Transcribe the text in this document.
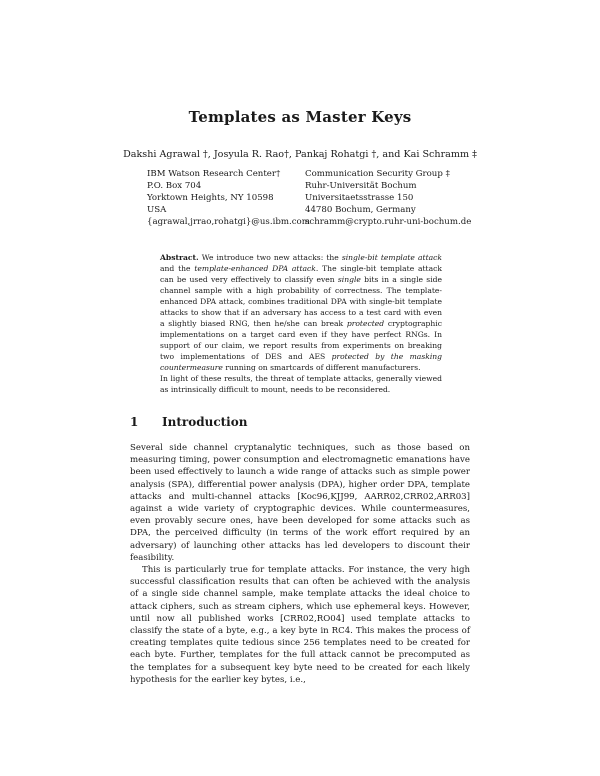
Templates as Master Keys
Dakshi Agrawal †, Josyula R. Rao†, Pankaj Rohatgi †, and Kai Schramm ‡
IBM Watson Research Center†
P.O. Box 704
Yorktown Heights, NY 10598
USA
{agrawal,jrrao,rohatgi}@us.ibm.com
Communication Security Group ‡
Ruhr-Universität Bochum
Universitaetsstrasse 150
44780 Bochum, Germany
schramm@crypto.ruhr-uni-bochum.de

Abstract. We introduce two new attacks: the single-bit template attack and the template-enhanced DPA attack. The single-bit template attack can be used very effectively to classify even single bits in a single side channel sample with a high probability of correctness. The template-enhanced DPA attack, combines traditional DPA with single-bit template attacks to show that if an adversary has access to a test card with even a slightly biased RNG, then he/she can break protected cryptographic implementations on a target card even if they have perfect RNGs. In support of our claim, we report results from experiments on breaking two implementations of DES and AES protected by the masking countermeasure running on smartcards of different manufacturers.

In light of these results, the threat of template attacks, generally viewed as intrinsically difficult to mount, needs to be reconsidered.

1 Introduction

Several side channel cryptanalytic techniques, such as those based on measuring timing, power consumption and electromagnetic emanations have been used effectively to launch a wide range of attacks such as simple power analysis (SPA), differential power analysis (DPA), higher order DPA, template attacks and multi-channel attacks [Koc96,KJJ99, AARR02,CRR02,ARR03] against a wide variety of cryptographic devices. While countermeasures, even provably secure ones, have been developed for some attacks such as DPA, the perceived difficulty (in terms of the work effort required by an adversary) of launching other attacks has led developers to discount their feasibility.

This is particularly true for template attacks. For instance, the very high successful classification results that can often be achieved with the analysis of a single side channel sample, make template attacks the ideal choice to attack ciphers, such as stream ciphers, which use ephemeral keys. However, until now all published works [CRR02,RO04] used template attacks to classify the state of a byte, e.g., a key byte in RC4. This makes the process of creating templates quite tedious since 256 templates need to be created for each byte. Further, templates for the full attack cannot be precomputed as the templates for a subsequent key byte need to be created for each likely hypothesis for the earlier key bytes, i.e.,
